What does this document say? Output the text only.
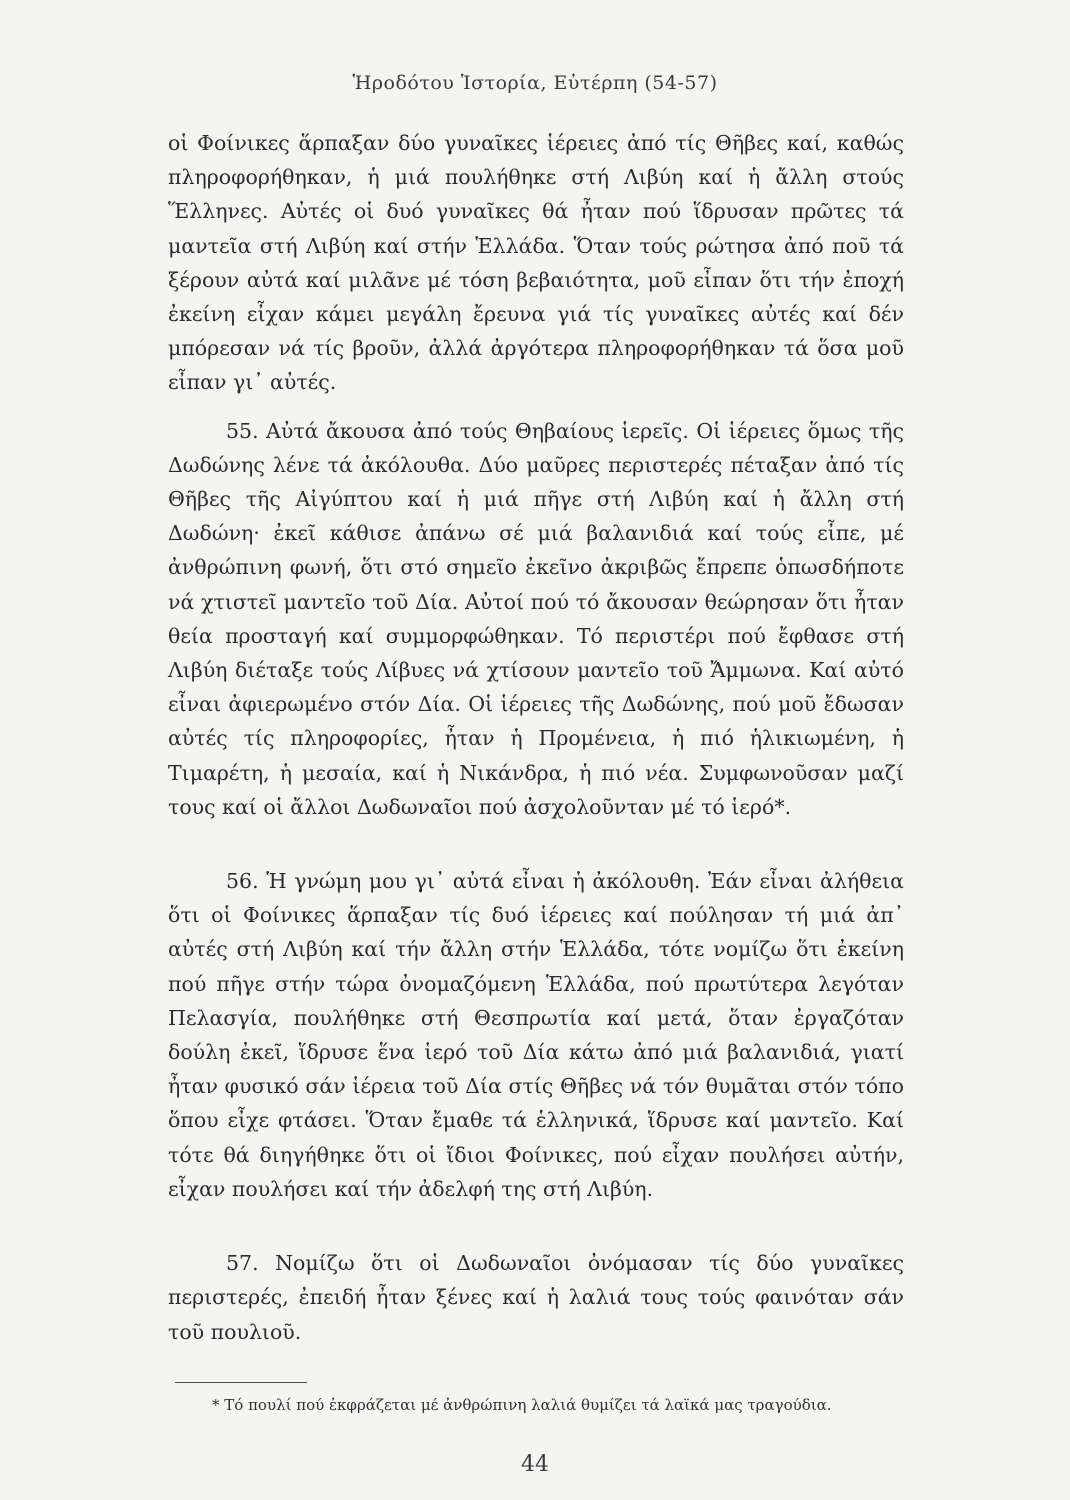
Ἡροδότου Ἱστορία, Εὐτέρπη (54-57)

οἱ Φοίνικες ἅρπαξαν δύο γυναῖκες ἱέρειες ἀπό τίς Θῆβες καί, καθώς πληροφορήθηκαν, ἡ μιά πουλήθηκε στή Λιβύη καί ἡ ἄλλη στούς Ἕλληνες. Αὐτές οἱ δυό γυναῖκες θά ἦταν πού ἵδρυσαν πρῶτες τά μαντεῖα στή Λιβύη καί στήν Ἑλλάδα. Ὅταν τούς ρώτησα ἀπό ποῦ τά ξέρουν αὐτά καί μιλᾶνε μέ τόση βεβαιότητα, μοῦ εἶπαν ὅτι τήν ἐποχή ἐκείνη εἶχαν κάμει μεγάλη ἔρευνα γιά τίς γυναῖκες αὐτές καί δέν μπόρεσαν νά τίς βροῦν, ἀλλά ἀργότερα πληροφορήθηκαν τά ὅσα μοῦ εἶπαν γι᾽ αὐτές.

55. Αὐτά ἄκουσα ἀπό τούς Θηβαίους ἱερεῖς. Οἱ ἱέρειες ὅμως τῆς Δωδώνης λένε τά ἀκόλουθα. Δύο μαῦρες περιστερές πέταξαν ἀπό τίς Θῆβες τῆς Αἰγύπτου καί ἡ μιά πῆγε στή Λιβύη καί ἡ ἄλλη στή Δωδώνη· ἐκεῖ κάθισε ἀπάνω σέ μιά βαλανιδιά καί τούς εἶπε, μέ ἀνθρώπινη φωνή, ὅτι στό σημεῖο ἐκεῖνο ἀκριβῶς ἔπρεπε ὁπωσδήποτε νά χτιστεῖ μαντεῖο τοῦ Δία. Αὐτοί πού τό ἄκουσαν θεώρησαν ὅτι ἦταν θεία προσταγή καί συμμορφώθηκαν. Τό περιστέρι πού ἔφθασε στή Λιβύη διέταξε τούς Λίβυες νά χτίσουν μαντεῖο τοῦ Ἄμμωνα. Καί αὐτό εἶναι ἀφιερωμένο στόν Δία. Οἱ ἱέρειες τῆς Δωδώνης, πού μοῦ ἔδωσαν αὐτές τίς πληροφορίες, ἦταν ἡ Προμένεια, ἡ πιό ἡλικιωμένη, ἡ Τιμαρέτη, ἡ μεσαία, καί ἡ Νικάνδρα, ἡ πιό νέα. Συμφωνοῦσαν μαζί τους καί οἱ ἄλλοι Δωδωναῖοι πού ἀσχολοῦνταν μέ τό ἱερό*.

56. Ἡ γνώμη μου γι᾽ αὐτά εἶναι ἡ ἀκόλουθη. Ἐάν εἶναι ἀλήθεια ὅτι οἱ Φοίνικες ἅρπαξαν τίς δυό ἱέρειες καί πούλησαν τή μιά ἀπ᾽ αὐτές στή Λιβύη καί τήν ἄλλη στήν Ἑλλάδα, τότε νομίζω ὅτι ἐκείνη πού πῆγε στήν τώρα ὀνομαζόμενη Ἑλλάδα, πού πρωτύτερα λεγόταν Πελασγία, πουλήθηκε στή Θεσπρωτία καί μετά, ὅταν ἐργαζόταν δούλη ἐκεῖ, ἵδρυσε ἕνα ἱερό τοῦ Δία κάτω ἀπό μιά βαλανιδιά, γιατί ἦταν φυσικό σάν ἱέρεια τοῦ Δία στίς Θῆβες νά τόν θυμᾶται στόν τόπο ὅπου εἶχε φτάσει. Ὅταν ἔμαθε τά ἑλληνικά, ἵδρυσε καί μαντεῖο. Καί τότε θά διηγήθηκε ὅτι οἱ ἴδιοι Φοίνικες, πού εἶχαν πουλήσει αὐτήν, εἶχαν πουλήσει καί τήν ἀδελφή της στή Λιβύη.

57. Νομίζω ὅτι οἱ Δωδωναῖοι ὀνόμασαν τίς δύο γυναῖκες περιστερές, ἐπειδή ἦταν ξένες καί ἡ λαλιά τους τούς φαινόταν σάν τοῦ πουλιοῦ.

* Τό πουλί πού ἐκφράζεται μέ ἀνθρώπινη λαλιά θυμίζει τά λαϊκά μας τραγούδια.
44
